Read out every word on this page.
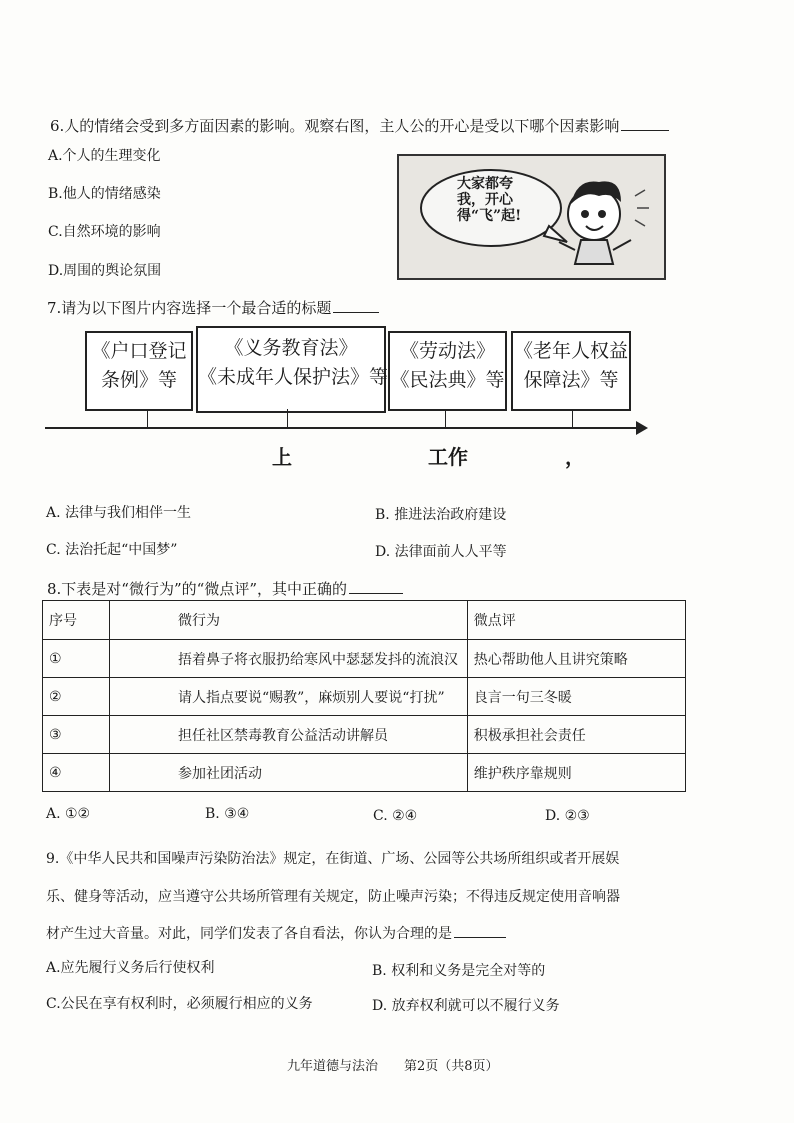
6.人的情绪会受到多方面因素的影响。观察右图，主人公的开心是受以下哪个因素影响
A.个人的生理变化
B.他人的情绪感染
C.自然环境的影响
D.周围的舆论氛围
大家都夸
我，开心
得“飞”起!
7.请为以下图片内容选择一个最合适的标题
《户口登记
条例》等
《义务教育法》
《未成年人保护法》等
《劳动法》
《民法典》等
《老年人权益
保障法》等
上	工作	，
A. 法律与我们相伴一生	B. 推进法治政府建设
C. 法治托起“中国梦”	D. 法律面前人人平等
8.下表是对“微行为”的“微点评”，其中正确的
序号	微行为	微点评
①	捂着鼻子将衣服扔给寒风中瑟瑟发抖的流浪汉	热心帮助他人且讲究策略
②	请人指点要说“赐教”，麻烦别人要说“打扰”	良言一句三冬暖
③	担任社区禁毒教育公益活动讲解员	积极承担社会责任
④	参加社团活动	维护秩序靠规则
A. ①②	B. ③④	C. ②④	D. ②③
9.《中华人民共和国噪声污染防治法》规定，在街道、广场、公园等公共场所组织或者开展娱
乐、健身等活动，应当遵守公共场所管理有关规定，防止噪声污染；不得违反规定使用音响器
材产生过大音量。对此，同学们发表了各自看法，你认为合理的是
A.应先履行义务后行使权利	B. 权利和义务是完全对等的
C.公民在享有权利时，必须履行相应的义务	D. 放弃权利就可以不履行义务
九年道德与法治　　第2页（共8页）
